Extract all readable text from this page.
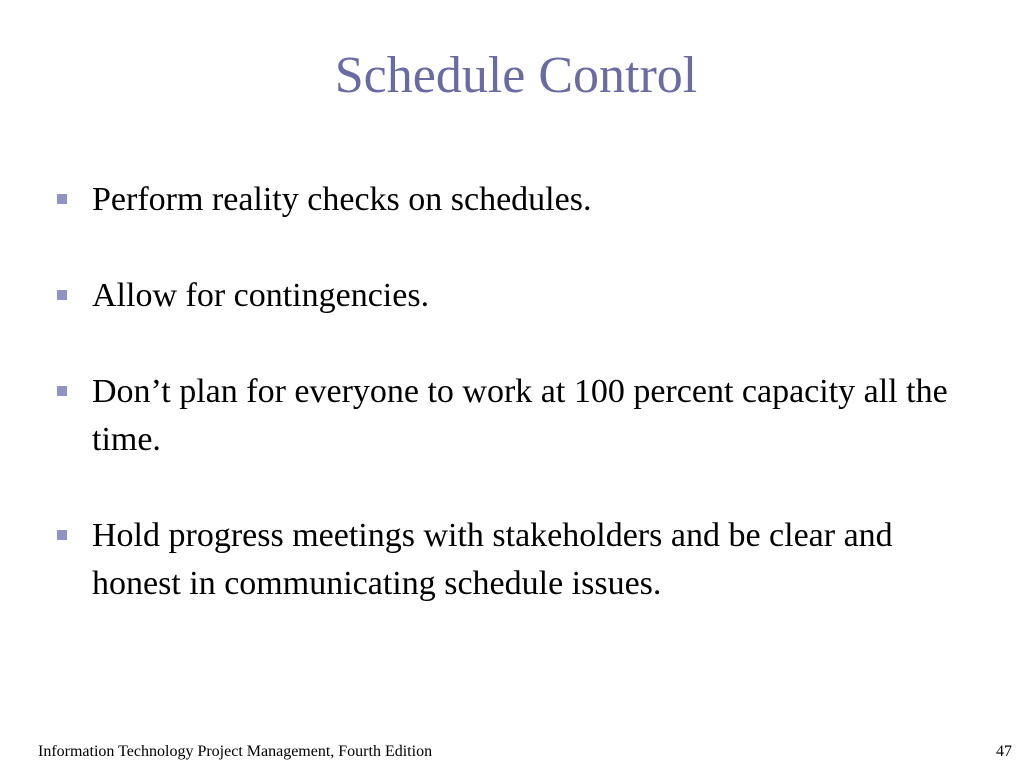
Schedule Control
Perform reality checks on schedules.
Allow for contingencies.
Don’t plan for everyone to work at 100 percent capacity all the time.
Hold progress meetings with stakeholders and be clear and honest in communicating schedule issues.
Information Technology Project Management, Fourth Edition	47
